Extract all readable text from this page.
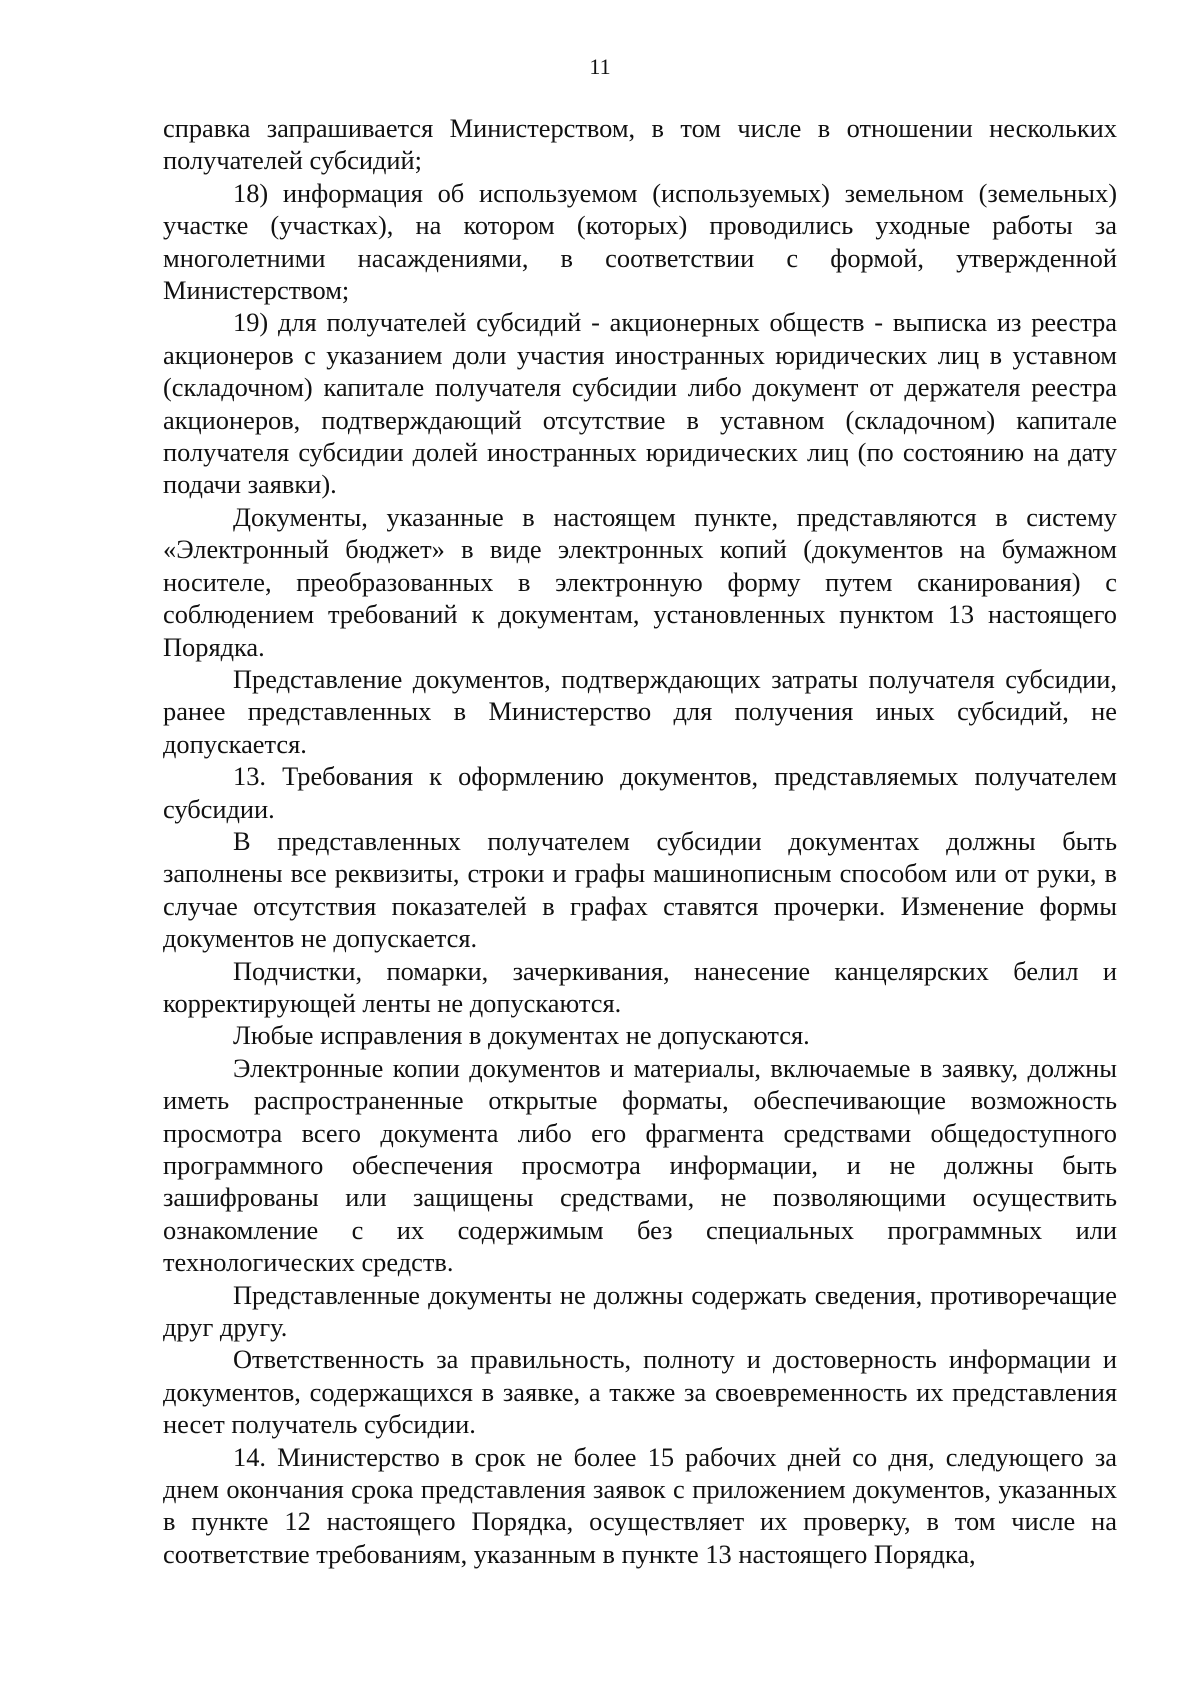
11

справка запрашивается Министерством, в том числе в отношении нескольких получателей субсидий;

18) информация об используемом (используемых) земельном (земельных) участке (участках), на котором (которых) проводились уходные работы за многолетними насаждениями, в соответствии с формой, утвержденной Министерством;

19) для получателей субсидий - акционерных обществ - выписка из реестра акционеров с указанием доли участия иностранных юридических лиц в уставном (складочном) капитале получателя субсидии либо документ от держателя реестра акционеров, подтверждающий отсутствие в уставном (складочном) капитале получателя субсидии долей иностранных юридических лиц (по состоянию на дату подачи заявки).

Документы, указанные в настоящем пункте, представляются в систему «Электронный бюджет» в виде электронных копий (документов на бумажном носителе, преобразованных в электронную форму путем сканирования) с соблюдением требований к документам, установленных пунктом 13 настоящего Порядка.

Представление документов, подтверждающих затраты получателя субсидии, ранее представленных в Министерство для получения иных субсидий, не допускается.

13. Требования к оформлению документов, представляемых получателем субсидии.

В представленных получателем субсидии документах должны быть заполнены все реквизиты, строки и графы машинописным способом или от руки, в случае отсутствия показателей в графах ставятся прочерки. Изменение формы документов не допускается.

Подчистки, помарки, зачеркивания, нанесение канцелярских белил и корректирующей ленты не допускаются.

Любые исправления в документах не допускаются.

Электронные копии документов и материалы, включаемые в заявку, должны иметь распространенные открытые форматы, обеспечивающие возможность просмотра всего документа либо его фрагмента средствами общедоступного программного обеспечения просмотра информации, и не должны быть зашифрованы или защищены средствами, не позволяющими осуществить ознакомление с их содержимым без специальных программных или технологических средств.

Представленные документы не должны содержать сведения, противоречащие друг другу.

Ответственность за правильность, полноту и достоверность информации и документов, содержащихся в заявке, а также за своевременность их представления несет получатель субсидии.

14. Министерство в срок не более 15 рабочих дней со дня, следующего за днем окончания срока представления заявок с приложением документов, указанных в пункте 12 настоящего Порядка, осуществляет их проверку, в том числе на соответствие требованиям, указанным в пункте 13 настоящего Порядка,
